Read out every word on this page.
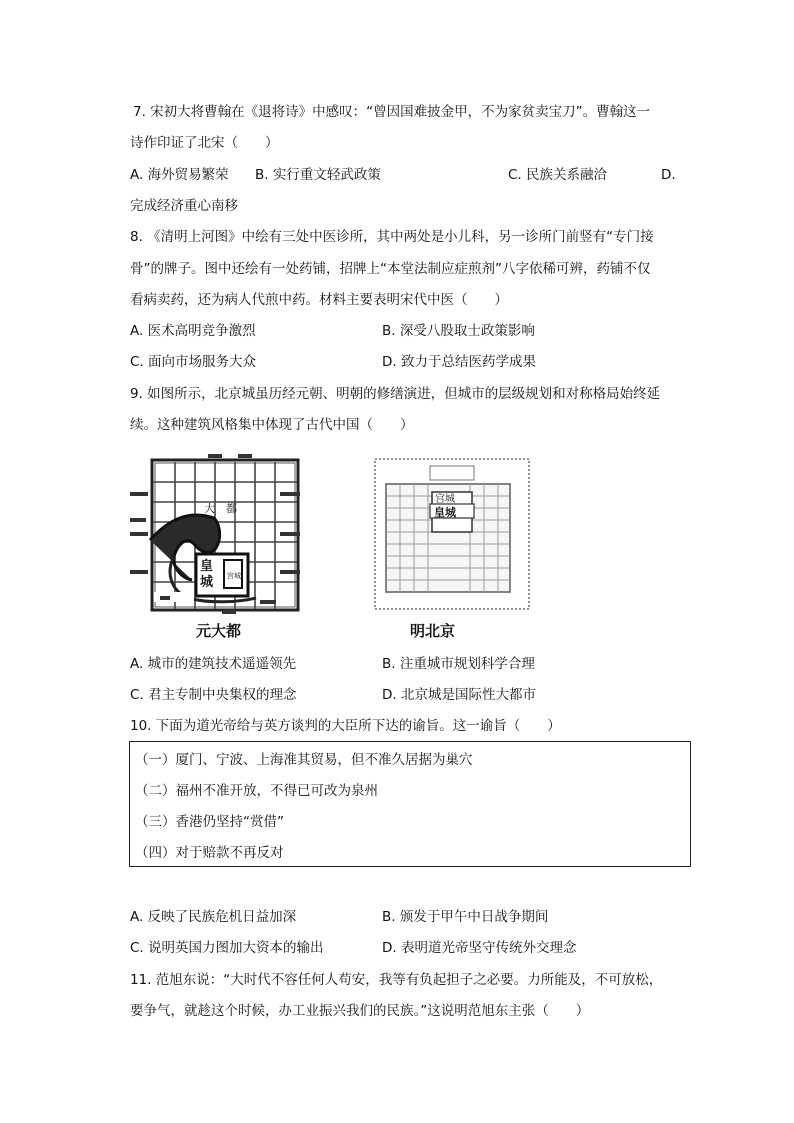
7. 宋初大将曹翰在《退将诗》中感叹：“曾因国难披金甲，不为家贫卖宝刀”。曹翰这一
诗作印证了北宋（　　）
A. 海外贸易繁荣 B. 实行重文轻武政策	C. 民族关系融洽	D.
完成经济重心南移
8. 《清明上河图》中绘有三处中医诊所，其中两处是小儿科，另一诊所门前竖有“专门接
骨”的牌子。图中还绘有一处药铺，招牌上“本堂法制应症煎剂”八字依稀可辨，药铺不仅
看病卖药，还为病人代煎中药。材料主要表明宋代中医（　　）
A. 医术高明竞争激烈	B. 深受八股取士政策影响
C. 面向市场服务大众	D. 致力于总结医药学成果
9. 如图所示，北京城虽历经元朝、明朝的修缮演进，但城市的层级规划和对称格局始终延
续。这种建筑风格集中体现了古代中国（　　）
大　都
皇
城 宫城
元大都
宫城
皇城
明北京
A. 城市的建筑技术遥遥领先	B. 注重城市规划科学合理
C. 君主专制中央集权的理念	D. 北京城是国际性大都市
10. 下面为道光帝给与英方谈判的大臣所下达的谕旨。这一谕旨（　　）
（一）厦门、宁波、上海准其贸易，但不准久居据为巢穴
（二）福州不准开放，不得已可改为泉州
（三）香港仍坚持“赏借”
（四）对于赔款不再反对
A. 反映了民族危机日益加深	B. 颁发于甲午中日战争期间
C. 说明英国力图加大资本的输出	D. 表明道光帝坚守传统外交理念
11. 范旭东说：“大时代不容任何人苟安，我等有负起担子之必要。力所能及，不可放松，
要争气，就趁这个时候，办工业振兴我们的民族。”这说明范旭东主张（　　）
